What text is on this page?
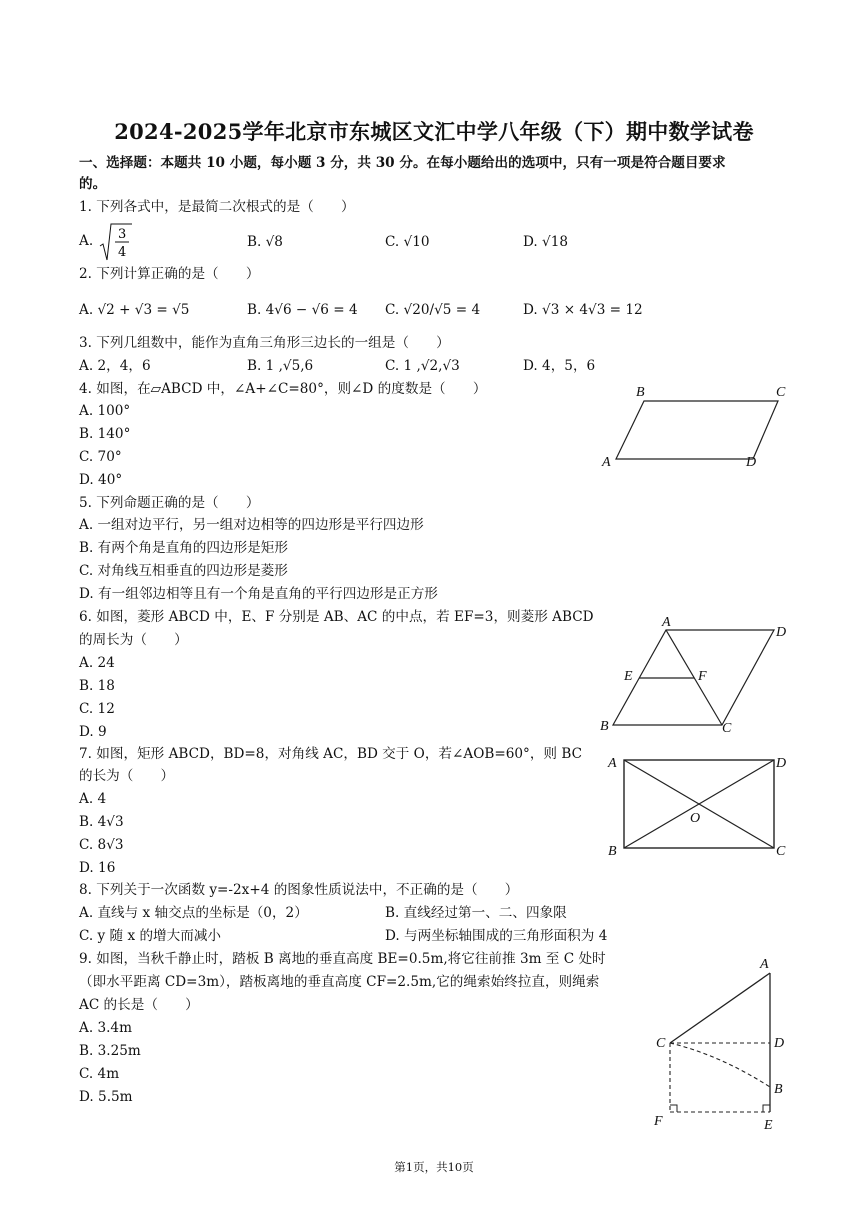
2024-2025学年北京市东城区文汇中学八年级（下）期中数学试卷
一、选择题：本题共 10 小题，每小题 3 分，共 30 分。在每小题给出的选项中，只有一项是符合题目要求
的。
1. 下列各式中，是最简二次根式的是（　　）
A. 3
4
B. √8	C. √10	D. √18
2. 下列计算正确的是（　　）
A. √2 + √3 = √5	B. 4√6 − √6 = 4 C. √20/√5 = 4	D. √3 × 4√3 = 12
3. 下列几组数中，能作为直角三角形三边长的一组是（　　）
A. 2，4，6	B. 1 ,√5,6	C. 1 ,√2,√3	D. 4，5，6
4. 如图，在▱ABCD 中，∠A+∠C=80°，则∠D 的度数是（　　）
A. 100°
B. 140°
C. 70°
D. 40°
B	C
A	D
5. 下列命题正确的是（　　）
A. 一组对边平行，另一组对边相等的四边形是平行四边形
B. 有两个角是直角的四边形是矩形
C. 对角线互相垂直的四边形是菱形
D. 有一组邻边相等且有一个角是直角的平行四边形是正方形
6. 如图，菱形 ABCD 中，E、F 分别是 AB、AC 的中点，若 EF=3，则菱形 ABCD
的周长为（　　）
A. 24
B. 18
C. 12
D. 9
A
D
E	F
B	C
7. 如图，矩形 ABCD，BD=8，对角线 AC，BD 交于 O，若∠AOB=60°，则 BC
的长为（　　）
A. 4
B. 4√3
C. 8√3
D. 16
A	D
O
B	C
8. 下列关于一次函数 y=-2x+4 的图象性质说法中，不正确的是（　　）
A. 直线与 x 轴交点的坐标是（0，2）	B. 直线经过第一、二、四象限
C. y 随 x 的增大而减小	D. 与两坐标轴围成的三角形面积为 4
9. 如图，当秋千静止时，踏板 B 离地的垂直高度 BE=0.5m,将它往前推 3m 至 C 处时
（即水平距离 CD=3m），踏板离地的垂直高度 CF=2.5m,它的绳索始终拉直，则绳索
AC 的长是（　　）
A. 3.4m
B. 3.25m
C. 4m
D. 5.5m
A
C	D
B
F	E
第1页，共10页
